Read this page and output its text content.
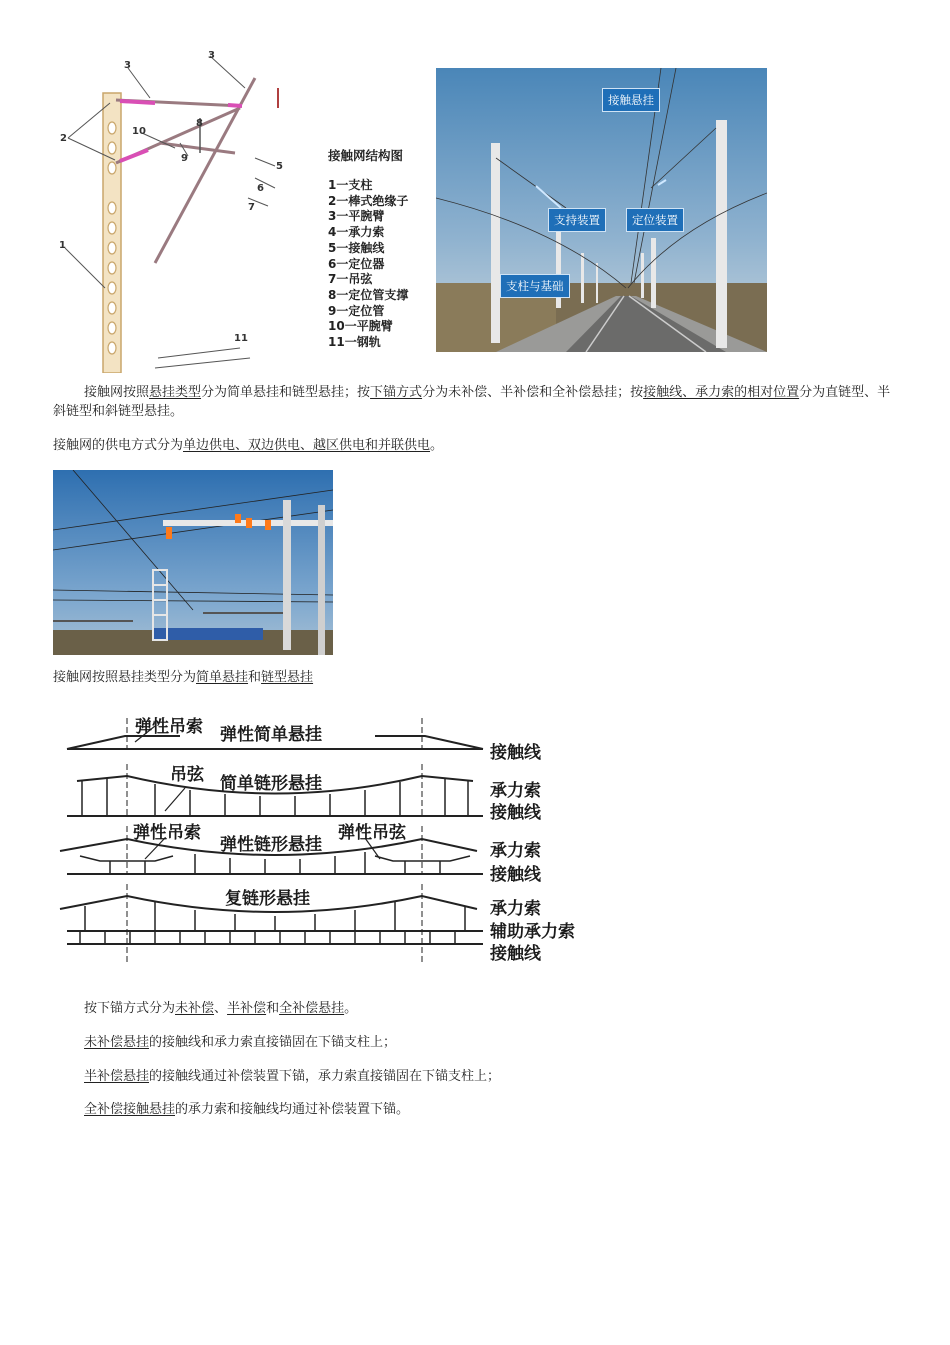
3
3
2
8
10
9
5
6
7
1
11
接触网结构图
1一支柱
2一棒式绝缘子
3一平腕臂
4一承力索
5一接触线
6一定位器
7一吊弦
8一定位管支撑
9一定位管
10一平腕臂
11一钢轨
接触悬挂
支持装置	定位装置
支柱与基础
接触网按照悬挂类型分为简单悬挂和链型悬挂；按下锚方式分为未补偿、半补偿和全补偿悬挂；按接触线、承力索的相对位置分为直链型、半斜链型和斜链型悬挂。
接触网的供电方式分为单边供电、双边供电、越区供电和并联供电。
接触网按照悬挂类型分为简单悬挂和链型悬挂
弹性吊索 弹性简单悬挂
接触线
吊弦 简单链形悬挂	承力索
接触线
弹性吊索
弹性链形悬挂
弹性吊弦
承力索
接触线
复链形悬挂	承力索
辅助承力索
接触线
按下锚方式分为未补偿、半补偿和全补偿悬挂。
未补偿悬挂的接触线和承力索直接锚固在下锚支柱上；
半补偿悬挂的接触线通过补偿装置下锚，承力索直接锚固在下锚支柱上；
全补偿接触悬挂的承力索和接触线均通过补偿装置下锚。
